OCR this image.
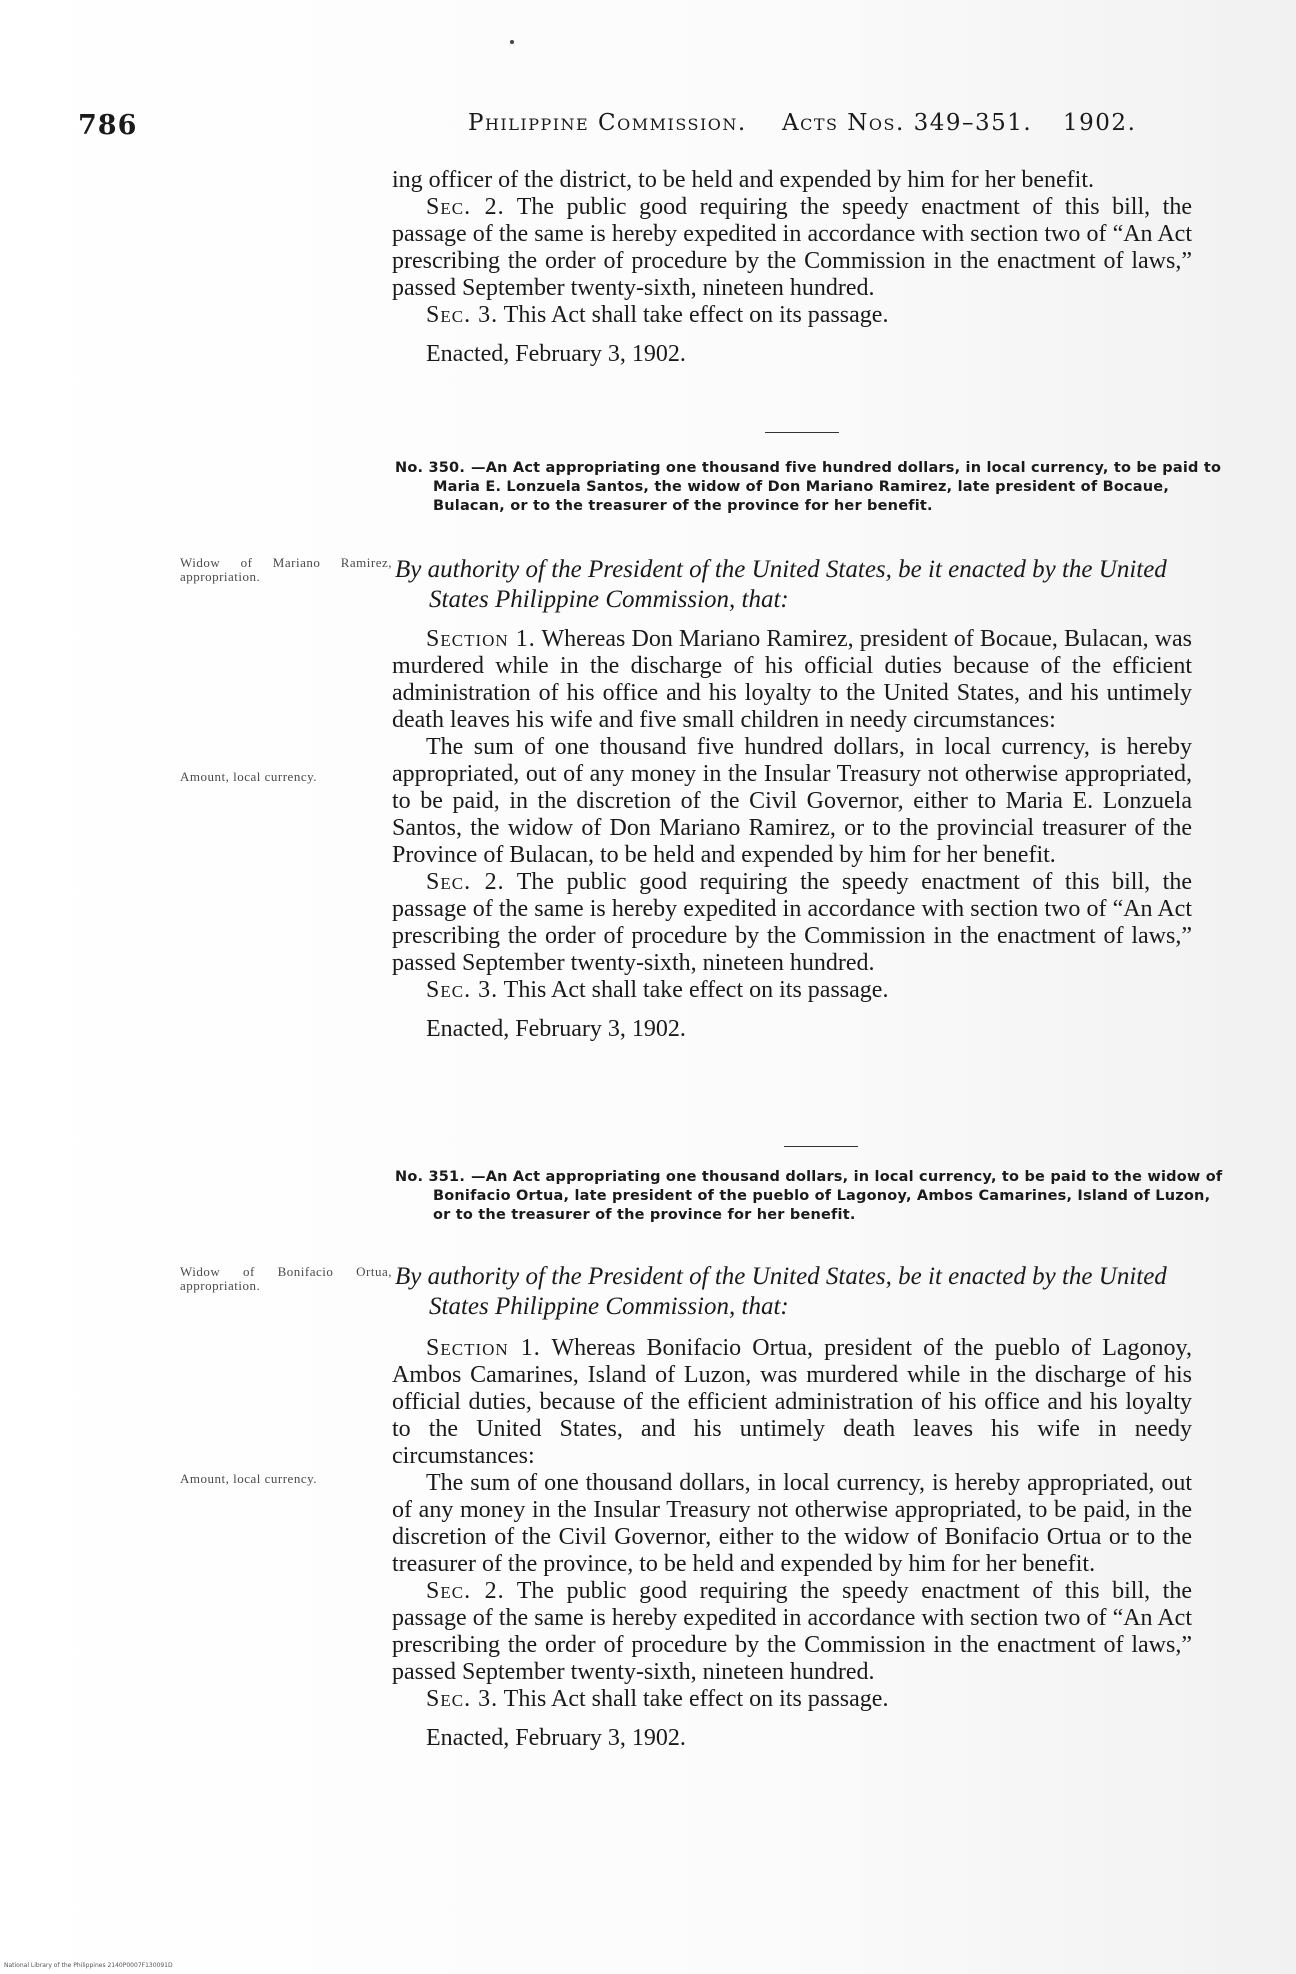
786	Philippine Commission. Acts Nos. 349–351. 1902.

ing officer of the district, to be held and expended by him for her benefit.

Sec. 2. The public good requiring the speedy enactment of this bill, the passage of the same is hereby expedited in accordance with section two of “An Act prescribing the order of procedure by the Commission in the enactment of laws,” passed September twenty-sixth, nineteen hundred.

Sec. 3. This Act shall take effect on its passage.

Enacted, February 3, 1902.

No. 350. —An Act appropriating one thousand five hundred dollars, in local currency, to be paid to Maria E. Lonzuela Santos, the widow of Don Mariano Ramirez, late president of Bocaue, Bulacan, or to the treasurer of the province for her benefit.
Widow of Mariano Ramirez, appropriation.	By authority of the President of the United States, be it enacted by the United States Philippine Commission, that:

Section 1. Whereas Don Mariano Ramirez, president of Bocaue, Bulacan, was murdered while in the discharge of his official duties because of the efficient administration of his office and his loyalty to the United States, and his untimely death leaves his wife and five small children in needy circumstances:

The sum of one thousand five hundred dollars, in local currency, is hereby appropriated, out of any money in the Insular Treasury not otherwise appropriated, to be paid, in the discretion of the Civil Governor, either to Maria E. Lonzuela Santos, the widow of Don Mariano Ramirez, or to the provincial treasurer of the Province of Bulacan, to be held and expended by him for her benefit.

Sec. 2. The public good requiring the speedy enactment of this bill, the passage of the same is hereby expedited in accordance with section two of “An Act prescribing the order of procedure by the Commission in the enactment of laws,” passed September twenty-sixth, nineteen hundred.

Sec. 3. This Act shall take effect on its passage.

Enacted, February 3, 1902.

Amount, local currency.
No. 351. —An Act appropriating one thousand dollars, in local currency, to be paid to the widow of Bonifacio Ortua, late president of the pueblo of Lagonoy, Ambos Camarines, Island of Luzon, or to the treasurer of the province for her benefit.
Widow of Bonifacio Ortua, appropriation.	By authority of the President of the United States, be it enacted by the United States Philippine Commission, that:

Section 1. Whereas Bonifacio Ortua, president of the pueblo of Lagonoy, Ambos Camarines, Island of Luzon, was murdered while in the discharge of his official duties, because of the efficient administration of his office and his loyalty to the United States, and his untimely death leaves his wife in needy circumstances:

The sum of one thousand dollars, in local currency, is hereby appropriated, out of any money in the Insular Treasury not otherwise appropriated, to be paid, in the discretion of the Civil Governor, either to the widow of Bonifacio Ortua or to the treasurer of the province, to be held and expended by him for her benefit.

Sec. 2. The public good requiring the speedy enactment of this bill, the passage of the same is hereby expedited in accordance with section two of “An Act prescribing the order of procedure by the Commission in the enactment of laws,” passed September twenty-sixth, nineteen hundred.

Sec. 3. This Act shall take effect on its passage.

Enacted, February 3, 1902.

Amount, local currency.
National Library of the Philippines 2140P0007F130091D
